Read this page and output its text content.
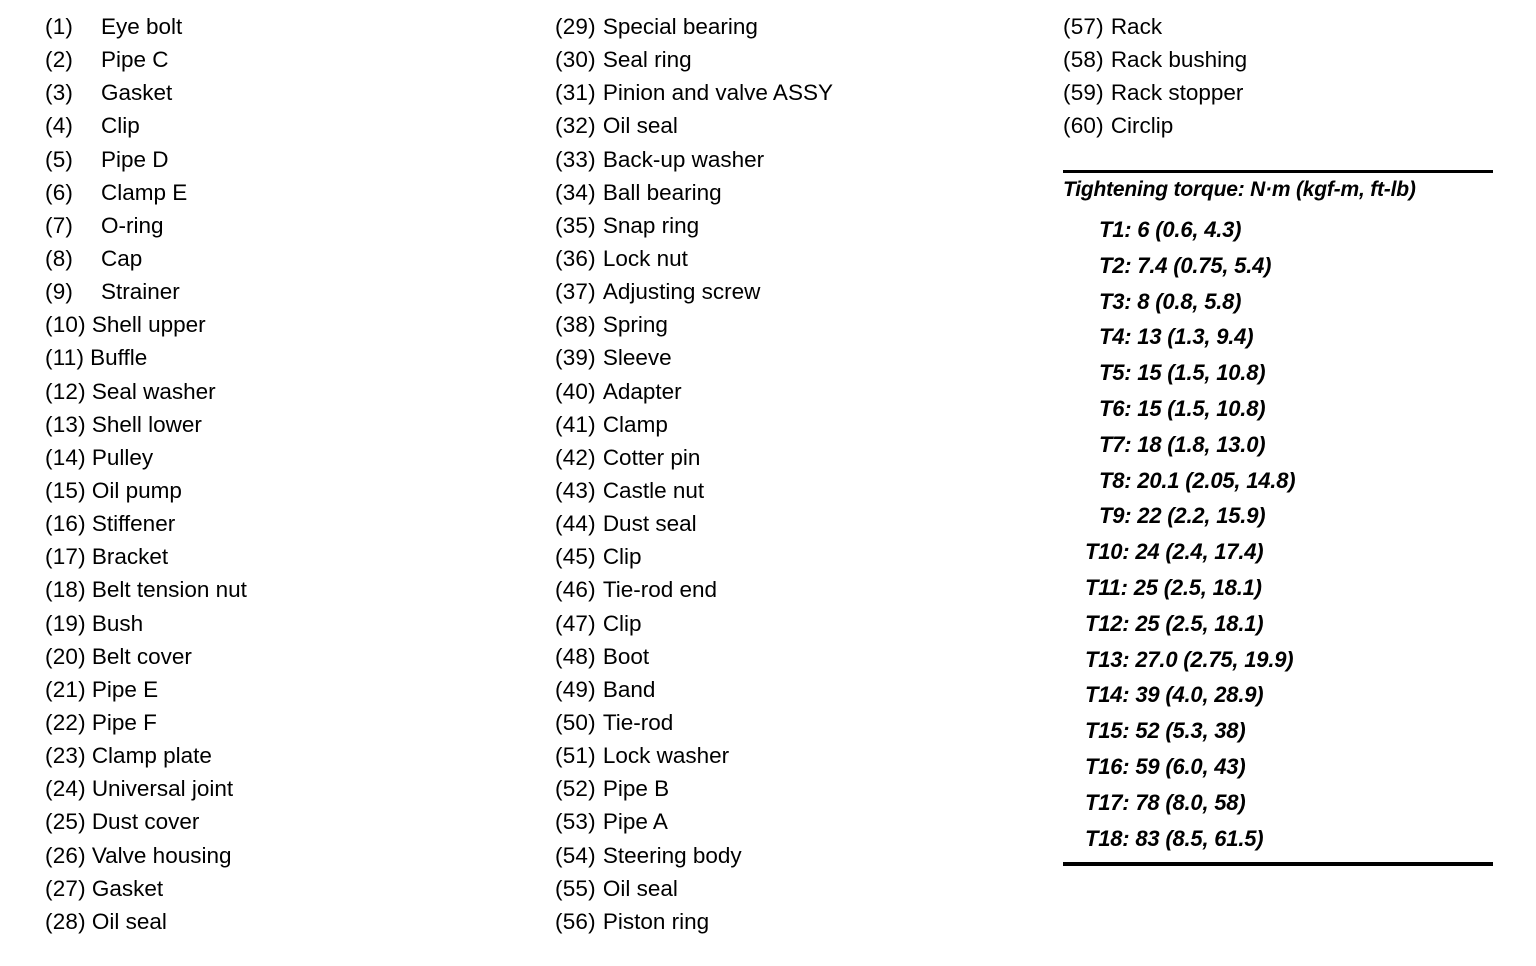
(1)	Eye bolt
(2)	Pipe C
(3)	Gasket
(4)	Clip
(5)	Pipe D
(6)	Clamp E
(7)	O-ring
(8)	Cap
(9)	Strainer
(10) Shell upper
(11) Buffle
(12) Seal washer
(13) Shell lower
(14) Pulley
(15) Oil pump
(16) Stiffener
(17) Bracket
(18) Belt tension nut
(19) Bush
(20) Belt cover
(21) Pipe E
(22) Pipe F
(23) Clamp plate
(24) Universal joint
(25) Dust cover
(26) Valve housing
(27) Gasket
(28) Oil seal
(29) Special bearing
(30) Seal ring
(31) Pinion and valve ASSY
(32) Oil seal
(33) Back-up washer
(34) Ball bearing
(35) Snap ring
(36) Lock nut
(37) Adjusting screw
(38) Spring
(39) Sleeve
(40) Adapter
(41) Clamp
(42) Cotter pin
(43) Castle nut
(44) Dust seal
(45) Clip
(46) Tie-rod end
(47) Clip
(48) Boot
(49) Band
(50) Tie-rod
(51) Lock washer
(52) Pipe B
(53) Pipe A
(54) Steering body
(55) Oil seal
(56) Piston ring
(57) Rack
(58) Rack bushing
(59) Rack stopper
(60) Circlip
Tightening torque: N·m (kgf-m, ft-lb)
T1: 6 (0.6, 4.3)
T2: 7.4 (0.75, 5.4)
T3: 8 (0.8, 5.8)
T4: 13 (1.3, 9.4)
T5: 15 (1.5, 10.8)
T6: 15 (1.5, 10.8)
T7: 18 (1.8, 13.0)
T8: 20.1 (2.05, 14.8)
T9: 22 (2.2, 15.9)
T10: 24 (2.4, 17.4)
T11: 25 (2.5, 18.1)
T12: 25 (2.5, 18.1)
T13: 27.0 (2.75, 19.9)
T14: 39 (4.0, 28.9)
T15: 52 (5.3, 38)
T16: 59 (6.0, 43)
T17: 78 (8.0, 58)
T18: 83 (8.5, 61.5)
